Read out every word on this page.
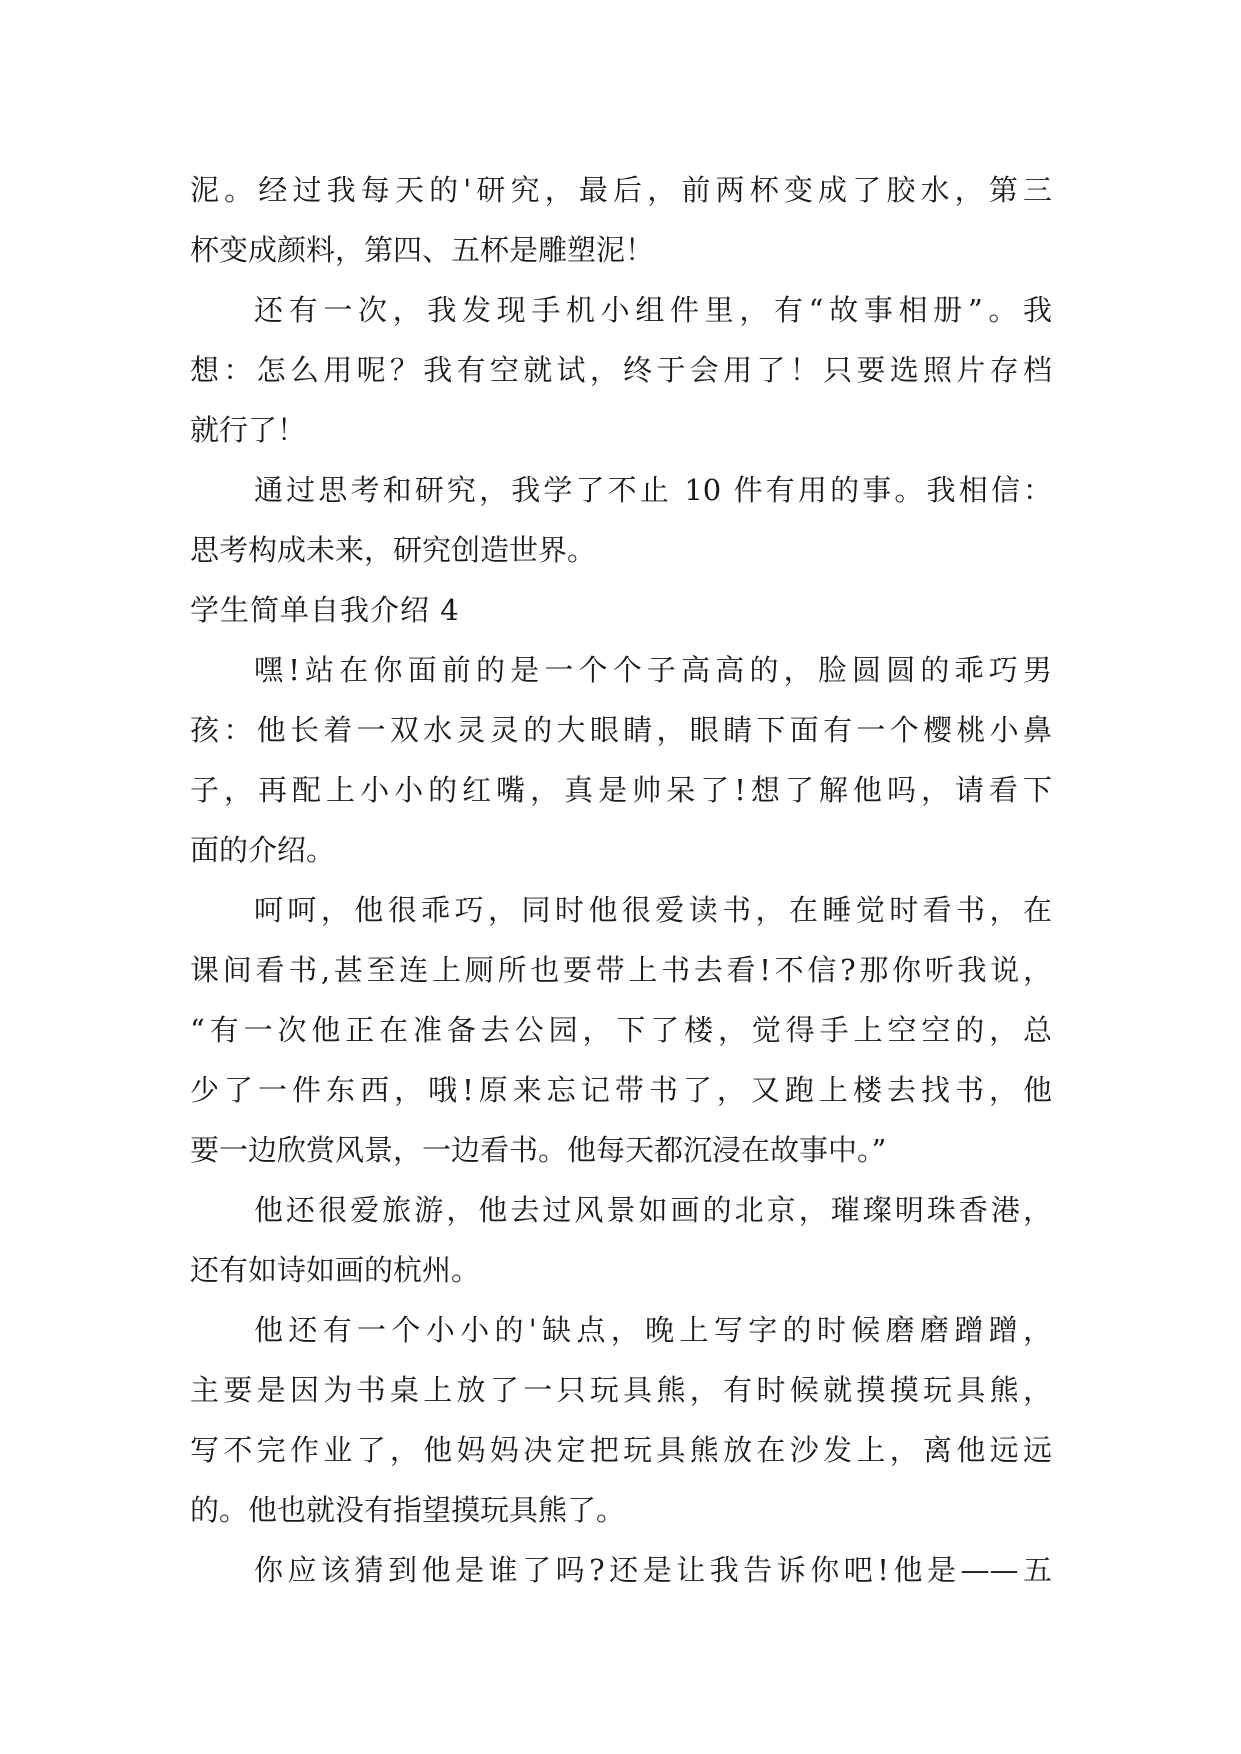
泥。经过我每天的'研究，最后，前两杯变成了胶水，第三
杯变成颜料，第四、五杯是雕塑泥！
还有一次，我发现手机小组件里，有“故事相册”。我
想：怎么用呢？我有空就试，终于会用了！只要选照片存档
就行了！
通过思考和研究，我学了不止 10 件有用的事。我相信：
思考构成未来，研究创造世界。
学生简单自我介绍 4
嘿!站在你面前的是一个个子高高的，脸圆圆的乖巧男
孩：他长着一双水灵灵的大眼睛，眼睛下面有一个樱桃小鼻
子，再配上小小的红嘴，真是帅呆了!想了解他吗，请看下
面的介绍。
呵呵，他很乖巧，同时他很爱读书，在睡觉时看书，在
课间看书,甚至连上厕所也要带上书去看!不信?那你听我说，
“有一次他正在准备去公园，下了楼，觉得手上空空的，总
少了一件东西，哦!原来忘记带书了，又跑上楼去找书，他
要一边欣赏风景，一边看书。他每天都沉浸在故事中。”
他还很爱旅游，他去过风景如画的北京，璀璨明珠香港，
还有如诗如画的杭州。
他还有一个小小的'缺点，晚上写字的时候磨磨蹭蹭，
主要是因为书桌上放了一只玩具熊，有时候就摸摸玩具熊，
写不完作业了，他妈妈决定把玩具熊放在沙发上，离他远远
的。他也就没有指望摸玩具熊了。
你应该猜到他是谁了吗?还是让我告诉你吧!他是——五
